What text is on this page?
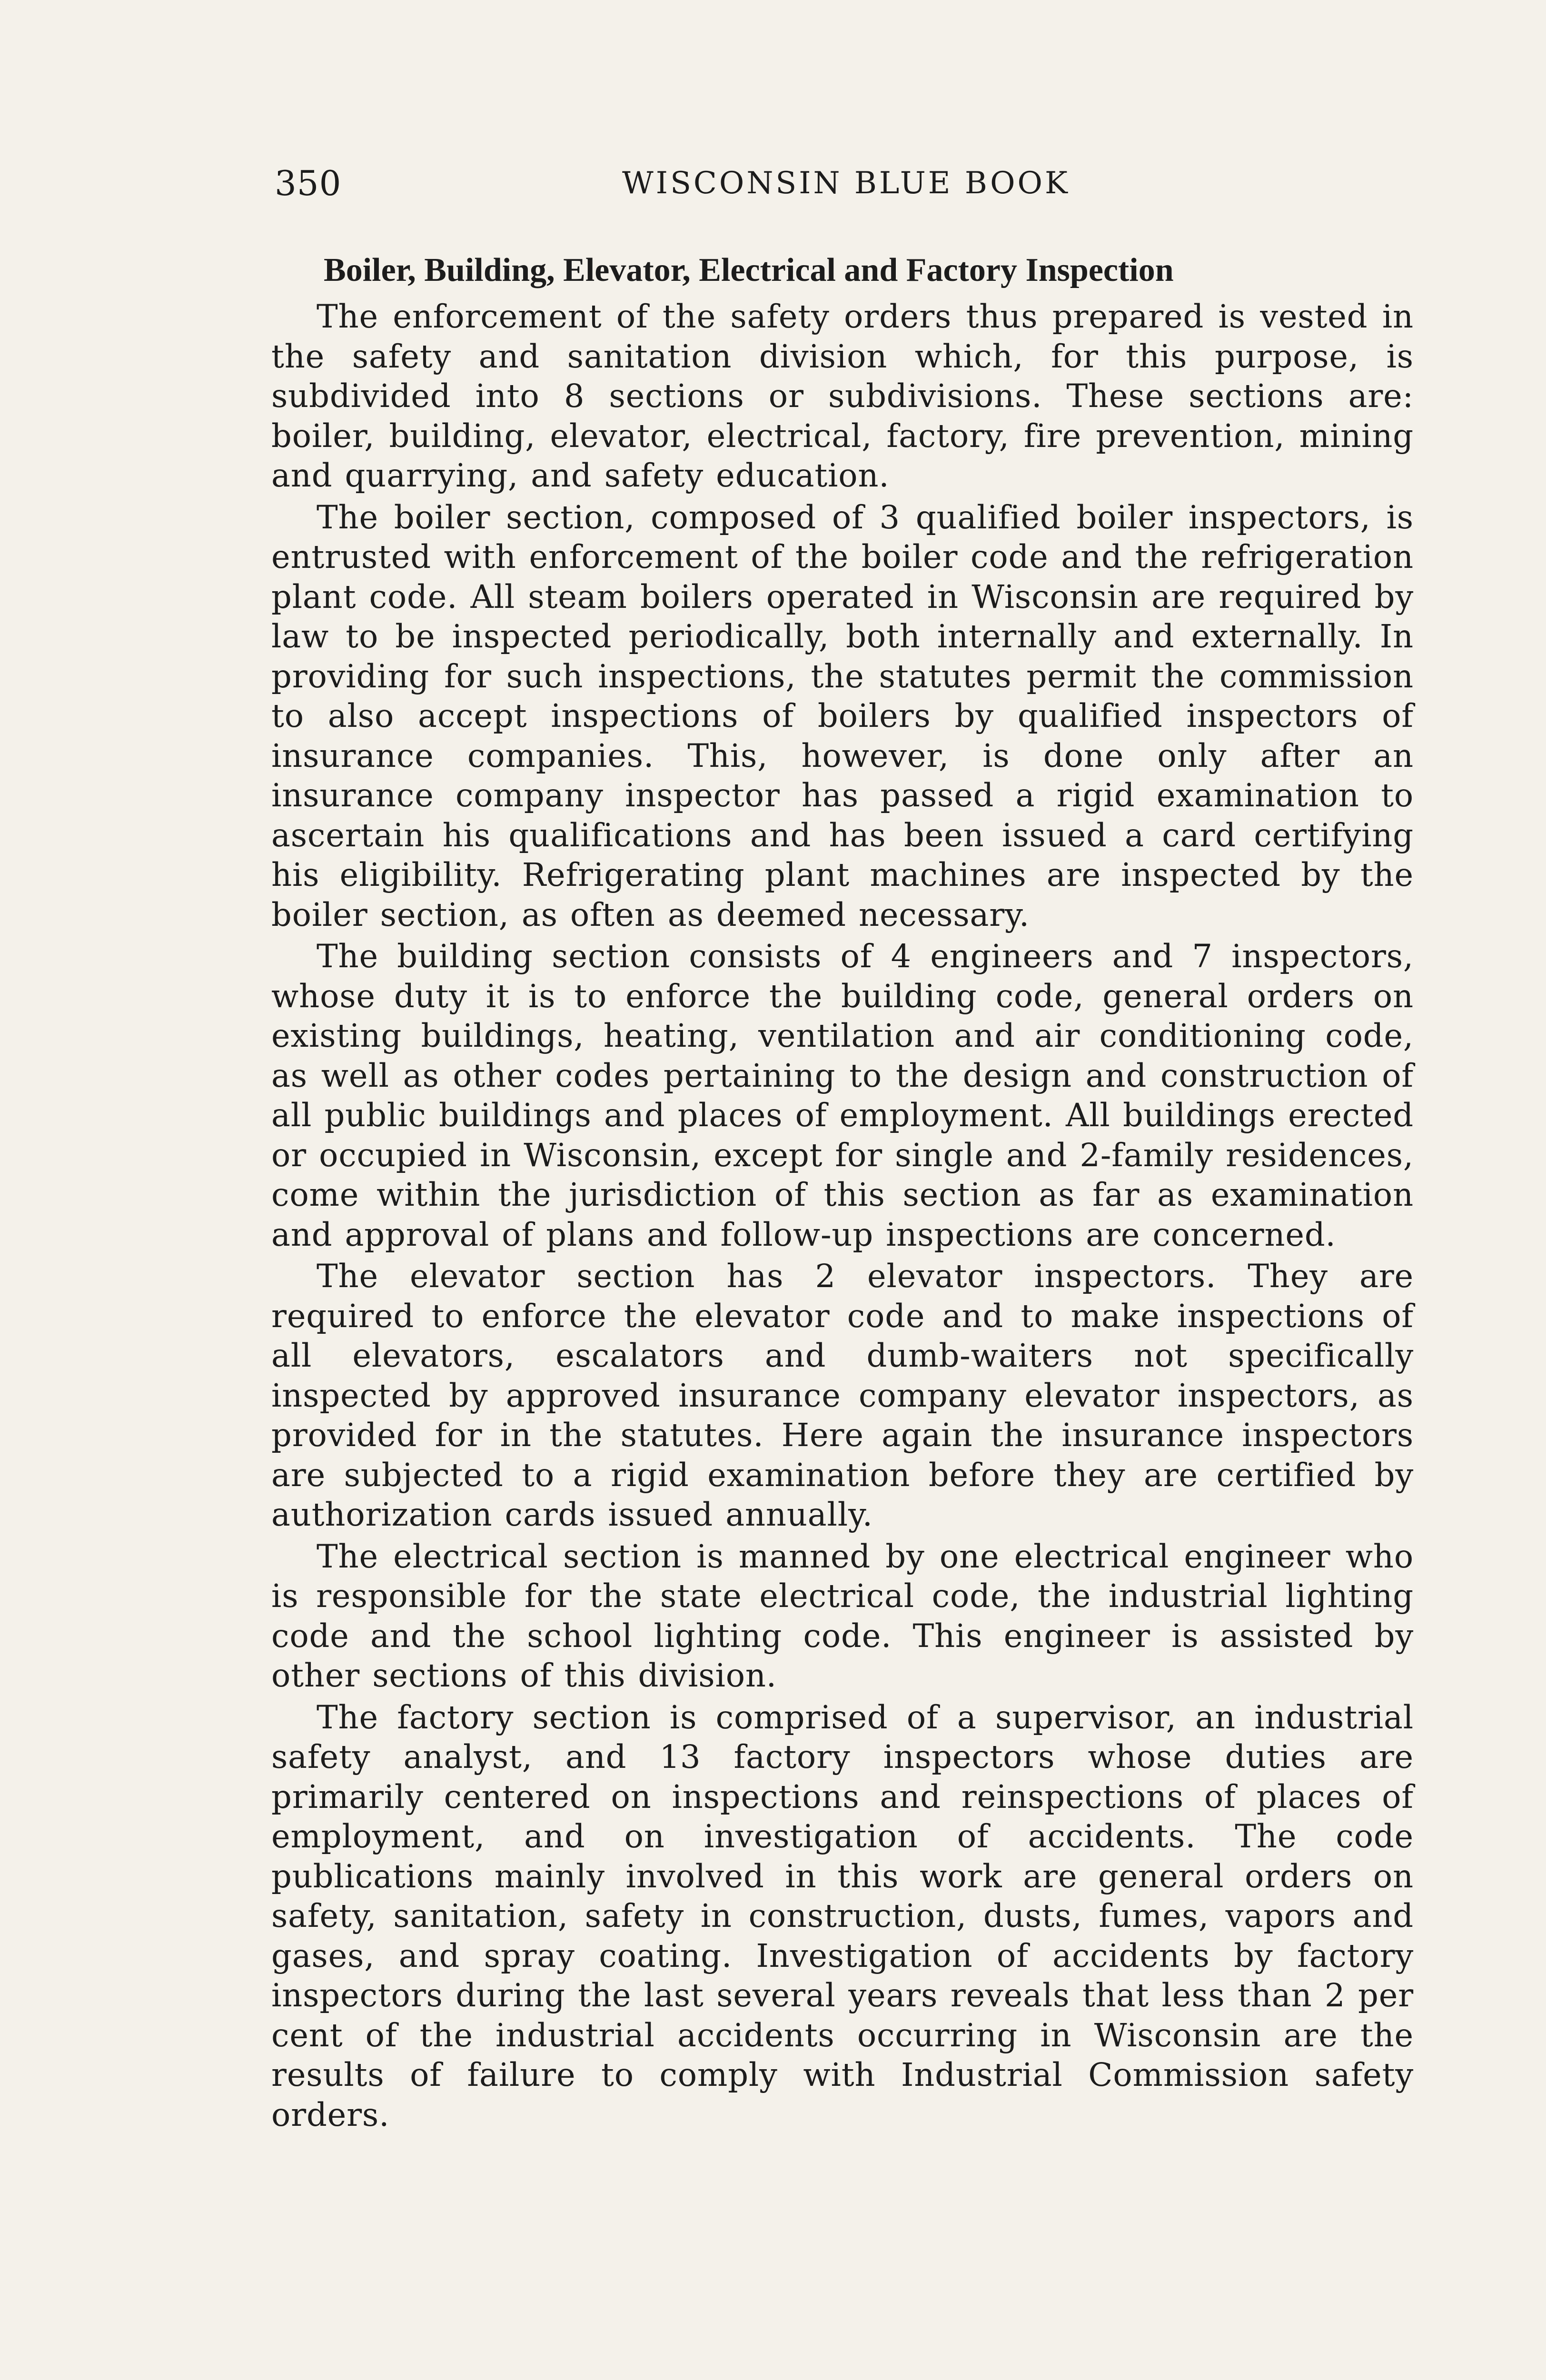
350	WISCONSIN BLUE BOOK
Boiler, Building, Elevator, Electrical and Factory Inspection

The enforcement of the safety orders thus prepared is vested in the safety and sanitation division which, for this purpose, is subdivided into 8 sections or subdivisions. These sections are: boiler, building, elevator, electrical, factory, fire prevention, mining and quarrying, and safety education.

The boiler section, composed of 3 qualified boiler inspectors, is entrusted with enforcement of the boiler code and the refrigeration plant code. All steam boilers operated in Wisconsin are required by law to be inspected periodically, both internally and externally. In providing for such inspections, the statutes permit the commission to also accept inspections of boilers by qualified inspectors of insurance companies. This, however, is done only after an insurance company inspector has passed a rigid examination to ascertain his qualifications and has been issued a card certifying his eligibility. Refrigerating plant machines are inspected by the boiler section, as often as deemed necessary.

The building section consists of 4 engineers and 7 inspectors, whose duty it is to enforce the building code, general orders on existing buildings, heating, ventilation and air conditioning code, as well as other codes pertaining to the design and construction of all public buildings and places of employment. All buildings erected or occupied in Wisconsin, except for single and 2-family residences, come within the jurisdiction of this section as far as examination and approval of plans and follow-up inspections are concerned.

The elevator section has 2 elevator inspectors. They are required to enforce the elevator code and to make inspections of all elevators, escalators and dumb-waiters not specifically inspected by approved insurance company elevator inspectors, as provided for in the statutes. Here again the insurance inspectors are subjected to a rigid examination before they are certified by authorization cards issued annually.

The electrical section is manned by one electrical engineer who is responsible for the state electrical code, the industrial lighting code and the school lighting code. This engineer is assisted by other sections of this division.

The factory section is comprised of a supervisor, an industrial safety analyst, and 13 factory inspectors whose duties are primarily centered on inspections and reinspections of places of employment, and on investigation of accidents. The code publications mainly involved in this work are general orders on safety, sanitation, safety in construction, dusts, fumes, vapors and gases, and spray coating. Investigation of accidents by factory inspectors during the last several years reveals that less than 2 per cent of the industrial accidents occurring in Wisconsin are the results of failure to comply with Industrial Commission safety orders.
